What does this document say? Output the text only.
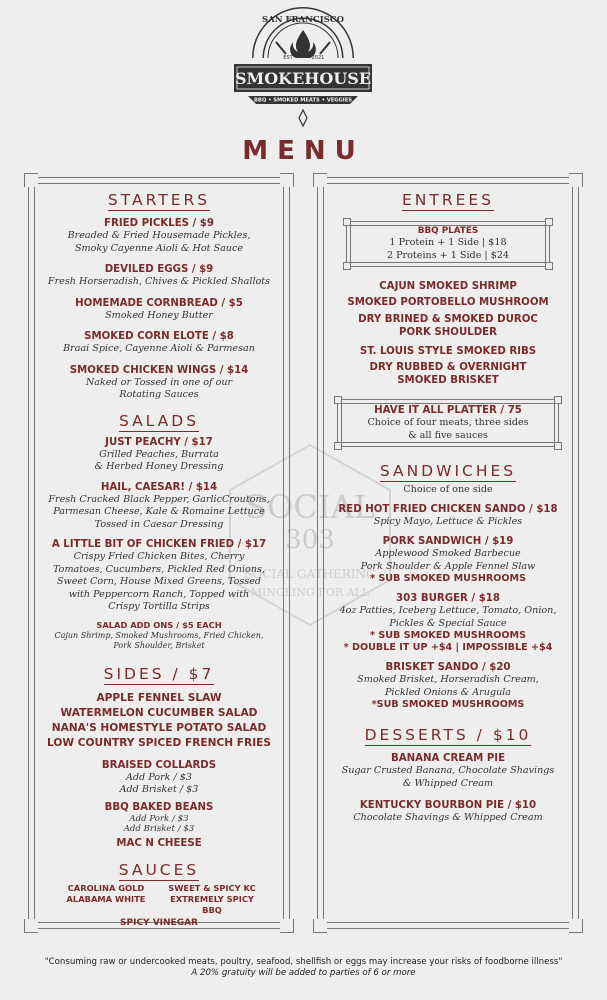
SAN FRANCISCO
EST	2021
SMOKEHOUSE
BBQ • SMOKED MEATS • VEGGIES
MENU
SOCIAL
303
SOCIAL GATHERING
MINGLING FOR ALL
STARTERS
FRIED PICKLES / $9
Breaded & Fried Housemade Pickles,
Smoky Cayenne Aioli & Hot Sauce
DEVILED EGGS / $9
Fresh Horseradish, Chives & Pickled Shallots
HOMEMADE CORNBREAD / $5
Smoked Honey Butter
SMOKED CORN ELOTE / $8
Braai Spice, Cayenne Aioli & Parmesan
SMOKED CHICKEN WINGS / $14
Naked or Tossed in one of our
Rotating Sauces
SALADS
JUST PEACHY / $17
Grilled Peaches, Burrata
& Herbed Honey Dressing
HAIL, CAESAR! / $14
Fresh Cracked Black Pepper, GarlicCroutons,
Parmesan Cheese, Kale & Romaine Lettuce
Tossed in Caesar Dressing
A LITTLE BIT OF CHICKEN FRIED / $17
Crispy Fried Chicken Bites, Cherry
Tomatoes, Cucumbers, Pickled Red Onions,
Sweet Corn, House Mixed Greens, Tossed
with Peppercorn Ranch, Topped with
Crispy Tortilla Strips
SALAD ADD ONS / $5 EACH
Cajun Shrimp, Smoked Mushrooms, Fried Chicken,
Pork Shoulder, Brisket
SIDES / $7
APPLE FENNEL SLAW
WATERMELON CUCUMBER SALAD
NANA'S HOMESTYLE POTATO SALAD
LOW COUNTRY SPICED FRENCH FRIES
BRAISED COLLARDS
Add Pork / $3
Add Brisket / $3
BBQ BAKED BEANS
Add Pork / $3
Add Brisket / $3
MAC N CHEESE
SAUCES
CAROLINA GOLD	SWEET & SPICY KC
ALABAMA WHITE	EXTREMELY SPICY BBQ
SPICY VINEGAR
ENTREES
BBQ PLATES
1 Protein + 1 Side | $18
2 Proteins + 1 Side | $24
CAJUN SMOKED SHRIMP
SMOKED PORTOBELLO MUSHROOM
DRY BRINED & SMOKED DUROC
PORK SHOULDER
ST. LOUIS STYLE SMOKED RIBS
DRY RUBBED & OVERNIGHT
SMOKED BRISKET
HAVE IT ALL PLATTER / 75
Choice of four meats, three sides
& all five sauces
SANDWICHES
Choice of one side
RED HOT FRIED CHICKEN SANDO / $18
Spicy Mayo, Lettuce & Pickles
PORK SANDWICH / $19
Applewood Smoked Barbecue
Pork Shoulder & Apple Fennel Slaw
* SUB SMOKED MUSHROOMS
303 BURGER / $18
4oz Patties, Iceberg Lettuce, Tomato, Onion,
Pickles & Special Sauce
* SUB SMOKED MUSHROOMS
* DOUBLE IT UP +$4 | IMPOSSIBLE +$4
BRISKET SANDO / $20
Smoked Brisket, Horseradish Cream,
Pickled Onions & Arugula
*SUB SMOKED MUSHROOMS
DESSERTS / $10
BANANA CREAM PIE
Sugar Crusted Banana, Chocolate Shavings
& Whipped Cream
KENTUCKY BOURBON PIE / $10
Chocolate Shavings & Whipped Cream
"Consuming raw or undercooked meats, poultry, seafood, shellfish or eggs may increase your risks of foodborne illness"
A 20% gratuity will be added to parties of 6 or more
